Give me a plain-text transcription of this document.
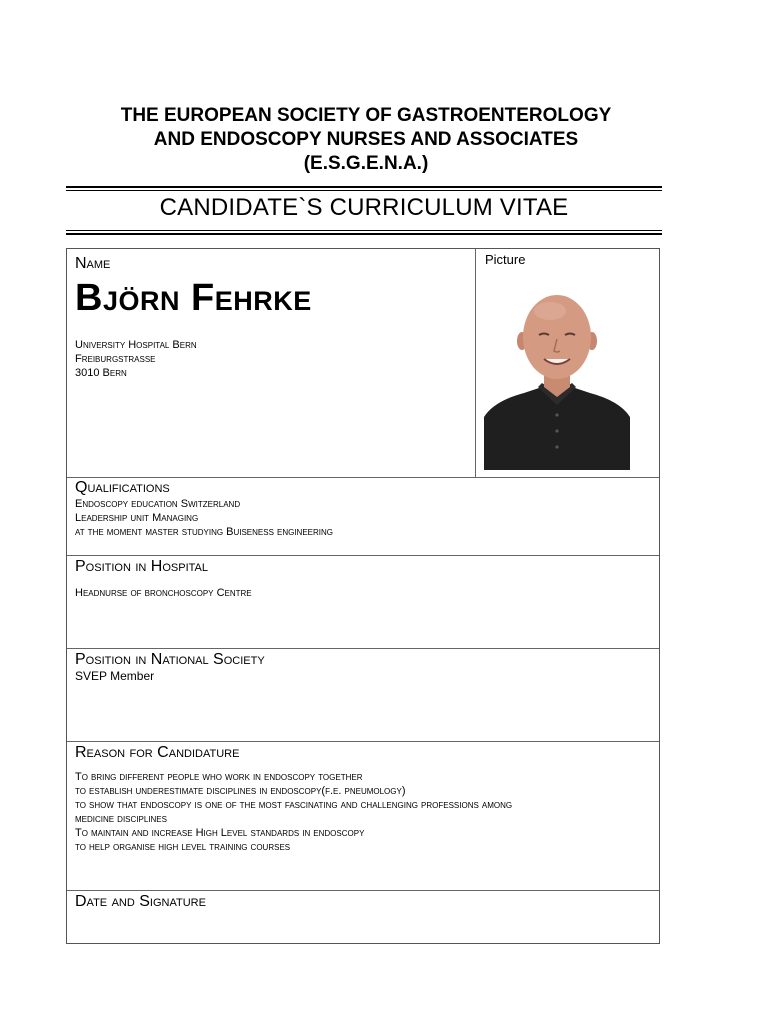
THE EUROPEAN SOCIETY OF GASTROENTEROLOGY
AND ENDOSCOPY NURSES AND ASSOCIATES
(E.S.G.E.N.A.)
CANDIDATE`S CURRICULUM VITAE
Name
Björn Fehrke
University Hospital Bern
Freiburgstrasse
3010 Bern
Picture
Qualifications
Endoscopy education Switzerland
Leadership unit Managing
at the moment master studying Buiseness engineering
Position in Hospital
Headnurse of bronchoscopy Centre
Position in National Society
SVEP Member
Reason for Candidature
To bring different people who work in endoscopy together
to establish underestimate disciplines in endoscopy(f.e. pneumology)
to show that endoscopy is one of the most fascinating and challenging professions among
medicine disciplines
To maintain and increase High Level standards in endoscopy
to help organise high level training courses
Date and Signature
